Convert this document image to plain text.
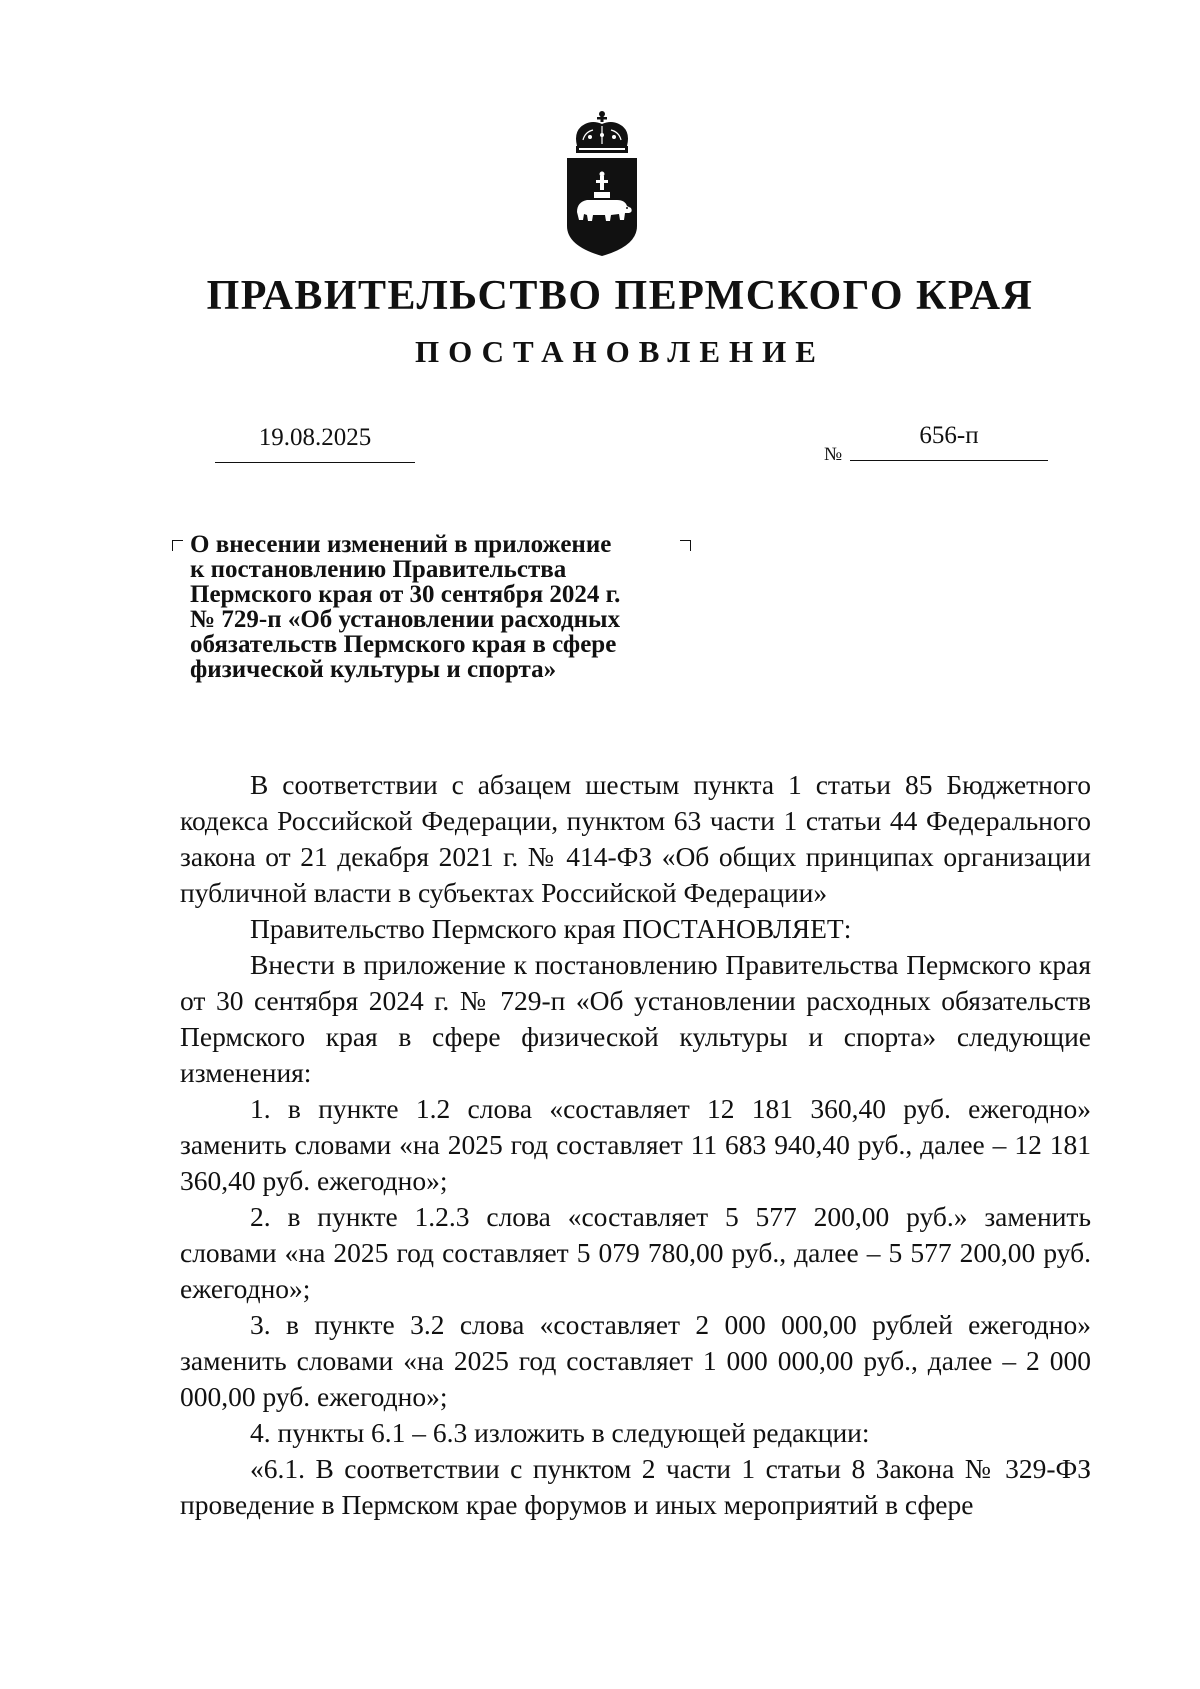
ПРАВИТЕЛЬСТВО ПЕРМСКОГО КРАЯ
ПОСТАНОВЛЕНИЕ
19.08.2025
№
656-п
О внесении изменений в приложение
к постановлению Правительства
Пермского края от 30 сентября 2024 г.
№ 729-п «Об установлении расходных
обязательств Пермского края в сфере
физической культуры и спорта»

В соответствии с абзацем шестым пункта 1 статьи 85 Бюджетного кодекса Российской Федерации, пунктом 63 части 1 статьи 44 Федерального закона от 21 декабря 2021 г. № 414-ФЗ «Об общих принципах организации публичной власти в субъектах Российской Федерации»

Правительство Пермского края ПОСТАНОВЛЯЕТ:

Внести в приложение к постановлению Правительства Пермского края от 30 сентября 2024 г. № 729-п «Об установлении расходных обязательств Пермского края в сфере физической культуры и спорта» следующие изменения:

1. в пункте 1.2 слова «составляет 12 181 360,40 руб. ежегодно» заменить словами «на 2025 год составляет 11 683 940,40 руб., далее – 12 181 360,40 руб. ежегодно»;

2. в пункте 1.2.3 слова «составляет 5 577 200,00 руб.» заменить словами «на 2025 год составляет 5 079 780,00 руб., далее – 5 577 200,00 руб. ежегодно»;

3. в пункте 3.2 слова «составляет 2 000 000,00 рублей ежегодно» заменить словами «на 2025 год составляет 1 000 000,00 руб., далее – 2 000 000,00 руб. ежегодно»;

4. пункты 6.1 – 6.3 изложить в следующей редакции:

«6.1. В соответствии с пунктом 2 части 1 статьи 8 Закона № 329-ФЗ проведение в Пермском крае форумов и иных мероприятий в сфере
